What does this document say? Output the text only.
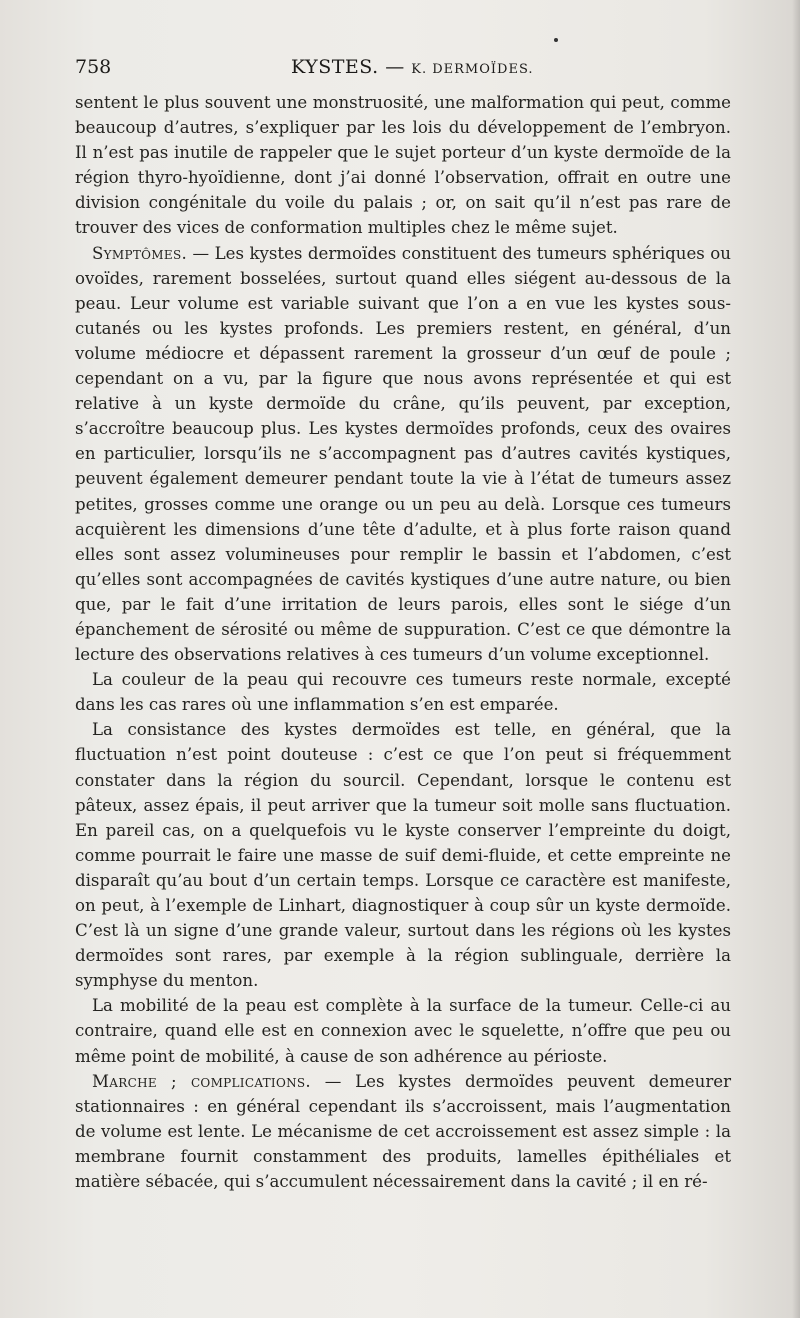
758	KYSTES. — K. DERMOÏDES.

sentent le plus souvent une monstruosité, une malformation qui peut, comme beaucoup d’autres, s’expliquer par les lois du développement de l’embryon. Il n’est pas inutile de rappeler que le sujet porteur d’un kyste dermoïde de la région thyro-hyoïdienne, dont j’ai donné l’observation, offrait en outre une division congénitale du voile du palais ; or, on sait qu’il n’est pas rare de trouver des vices de conformation multiples chez le même sujet.

Symptômes. — Les kystes dermoïdes constituent des tumeurs sphériques ou ovoïdes, rarement bosselées, surtout quand elles siégent au-dessous de la peau. Leur volume est variable suivant que l’on a en vue les kystes sous-cutanés ou les kystes profonds. Les premiers restent, en général, d’un volume médiocre et dépassent rarement la grosseur d’un œuf de poule ; cependant on a vu, par la figure que nous avons représentée et qui est relative à un kyste dermoïde du crâne, qu’ils peuvent, par exception, s’accroître beaucoup plus. Les kystes dermoïdes profonds, ceux des ovaires en particulier, lorsqu’ils ne s’accompagnent pas d’autres cavités kystiques, peuvent également demeurer pendant toute la vie à l’état de tumeurs assez petites, grosses comme une orange ou un peu au delà. Lorsque ces tumeurs acquièrent les dimensions d’une tête d’adulte, et à plus forte raison quand elles sont assez volumineuses pour remplir le bassin et l’abdomen, c’est qu’elles sont accompagnées de cavités kystiques d’une autre nature, ou bien que, par le fait d’une irritation de leurs parois, elles sont le siége d’un épanchement de sérosité ou même de suppuration. C’est ce que démontre la lecture des observations relatives à ces tumeurs d’un volume exceptionnel.

La couleur de la peau qui recouvre ces tumeurs reste normale, excepté dans les cas rares où une inflammation s’en est emparée.

La consistance des kystes dermoïdes est telle, en général, que la fluctuation n’est point douteuse : c’est ce que l’on peut si fréquemment constater dans la région du sourcil. Cependant, lorsque le contenu est pâteux, assez épais, il peut arriver que la tumeur soit molle sans fluctuation. En pareil cas, on a quelquefois vu le kyste conserver l’empreinte du doigt, comme pourrait le faire une masse de suif demi-fluide, et cette empreinte ne disparaît qu’au bout d’un certain temps. Lorsque ce caractère est manifeste, on peut, à l’exemple de Linhart, diagnostiquer à coup sûr un kyste dermoïde. C’est là un signe d’une grande valeur, surtout dans les régions où les kystes dermoïdes sont rares, par exemple à la région sublinguale, derrière la symphyse du menton.

La mobilité de la peau est complète à la surface de la tumeur. Celle-ci au contraire, quand elle est en connexion avec le squelette, n’offre que peu ou même point de mobilité, à cause de son adhérence au périoste.

Marche ; complications. — Les kystes dermoïdes peuvent demeurer stationnaires : en général cependant ils s’accroissent, mais l’augmentation de volume est lente. Le mécanisme de cet accroissement est assez simple : la membrane fournit constamment des produits, lamelles épithéliales et matière sébacée, qui s’accumulent nécessairement dans la cavité ; il en ré-
